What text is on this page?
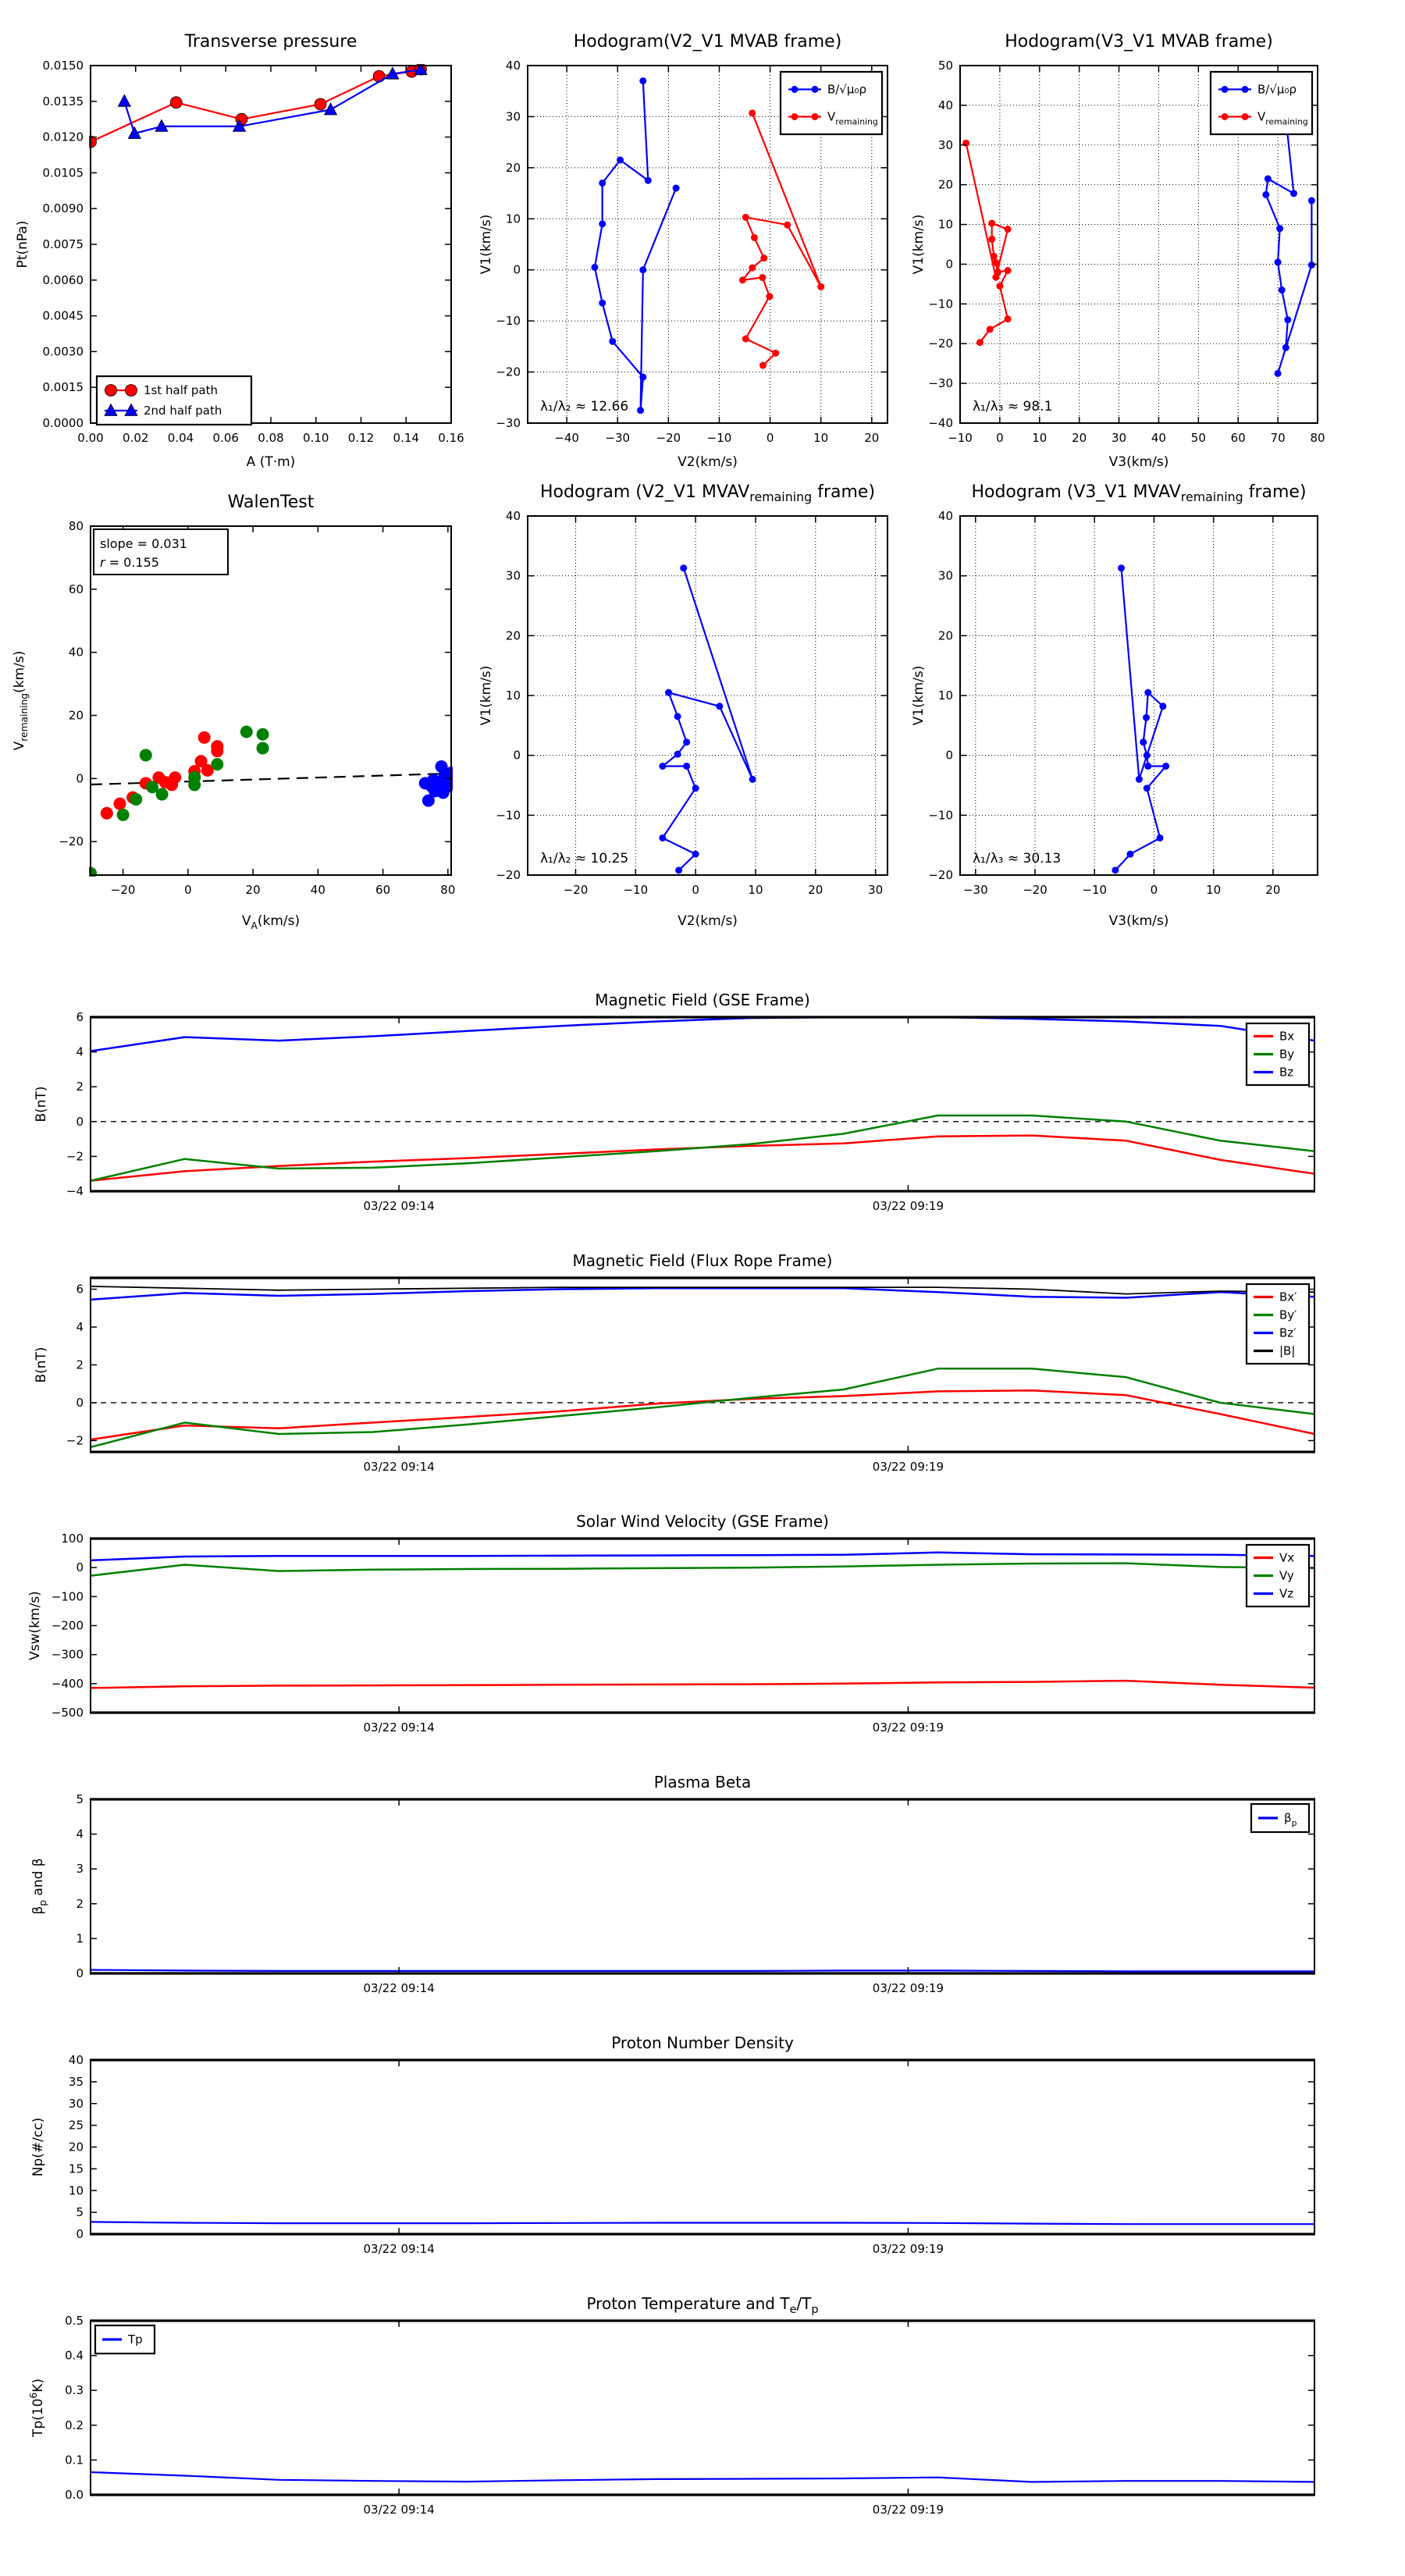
0.00 0.02 0.04 0.06 0.08 0.10 0.12 0.14 0.16
0.0000
0.0015
0.0030
0.0045
0.0060
0.0075
0.0090
0.0105
0.0120
0.0135
0.0150
Transverse pressure
A (T·m)
Pt(nPa)
1st half path
2nd half path
−40 −30 −20 −10	0	10	20
−30
−20
−10
0
10
20
30
40
Hodogram(V2_V1 MVAB frame)
V2(km/s)
V1(km/s)
λ₁/λ₂ ≈ 12.66
B/√μ₀ρ
$V_{remaining}$
−10 0 10 20 30 40 50 60 70 80
−40
−30
−20
−10
0
10
20
30
40
50
Hodogram(V3_V1 MVAB frame)
V3(km/s)
V1(km/s)
λ₁/λ₃ ≈ 98.1
B/√μ₀ρ
$V_{remaining}$
−20	0	20	40	60	80
−20
0
20
40
60
80
WalenTest
$V_A(km/s)$
$V_{remaining}(km/s)$
slope = 0.031
r = 0.155
−20	−10	0	10	20	30
−20
−10
0
10
20
30
40
Hodogram (V2_V1 $MVAV_{remaining}$ frame)
V2(km/s)
V1(km/s)
λ₁/λ₂ ≈ 10.25
−30	−20	−10	0	10	20
−20
−10
0
10
20
30
40
Hodogram (V3_V1 $MVAV_{remaining}$ frame)
V3(km/s)
V1(km/s)
λ₁/λ₃ ≈ 30.13
03/22 09:14	03/22 09:19
−4
−2
0
2
4
6
Magnetic Field (GSE Frame)
B(nT)
Bx
By
Bz
03/22 09:14	03/22 09:19
−2
0
2
4
6
Magnetic Field (Flux Rope Frame)
B(nT)
Bx′
By′
Bz′
|B|
03/22 09:14	03/22 09:19
−500
−400
−300
−200
−100
0
100
Solar Wind Velocity (GSE Frame)
Vsw(km/s)
Vx
Vy
Vz
03/22 09:14	03/22 09:19
0
1
2
3
4
5
Plasma Beta
$\beta_p$ and β
$\beta_p$
03/22 09:14	03/22 09:19
0
5
10
15
20
25
30
35
40
Proton Number Density
Np(#/cc)
03/22 09:14	03/22 09:19
0.0
0.1
0.2
0.3
0.4
0.5
Proton Temperature and $T_e/T_p$
$Tp(10^6K)$
Tp
